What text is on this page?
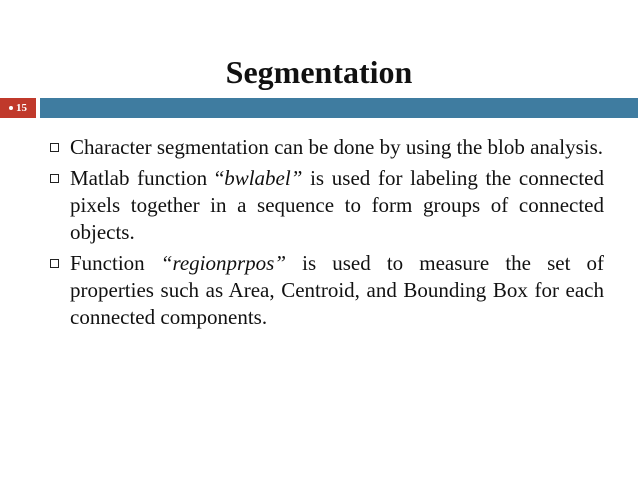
Segmentation
15
Character segmentation can be done by using the blob analysis.
Matlab function “bwlabel” is used for labeling the connected pixels together in a sequence to form groups of connected objects.
Function “regionprpos” is used to measure the set of properties such as Area, Centroid, and Bounding Box for each connected components.
